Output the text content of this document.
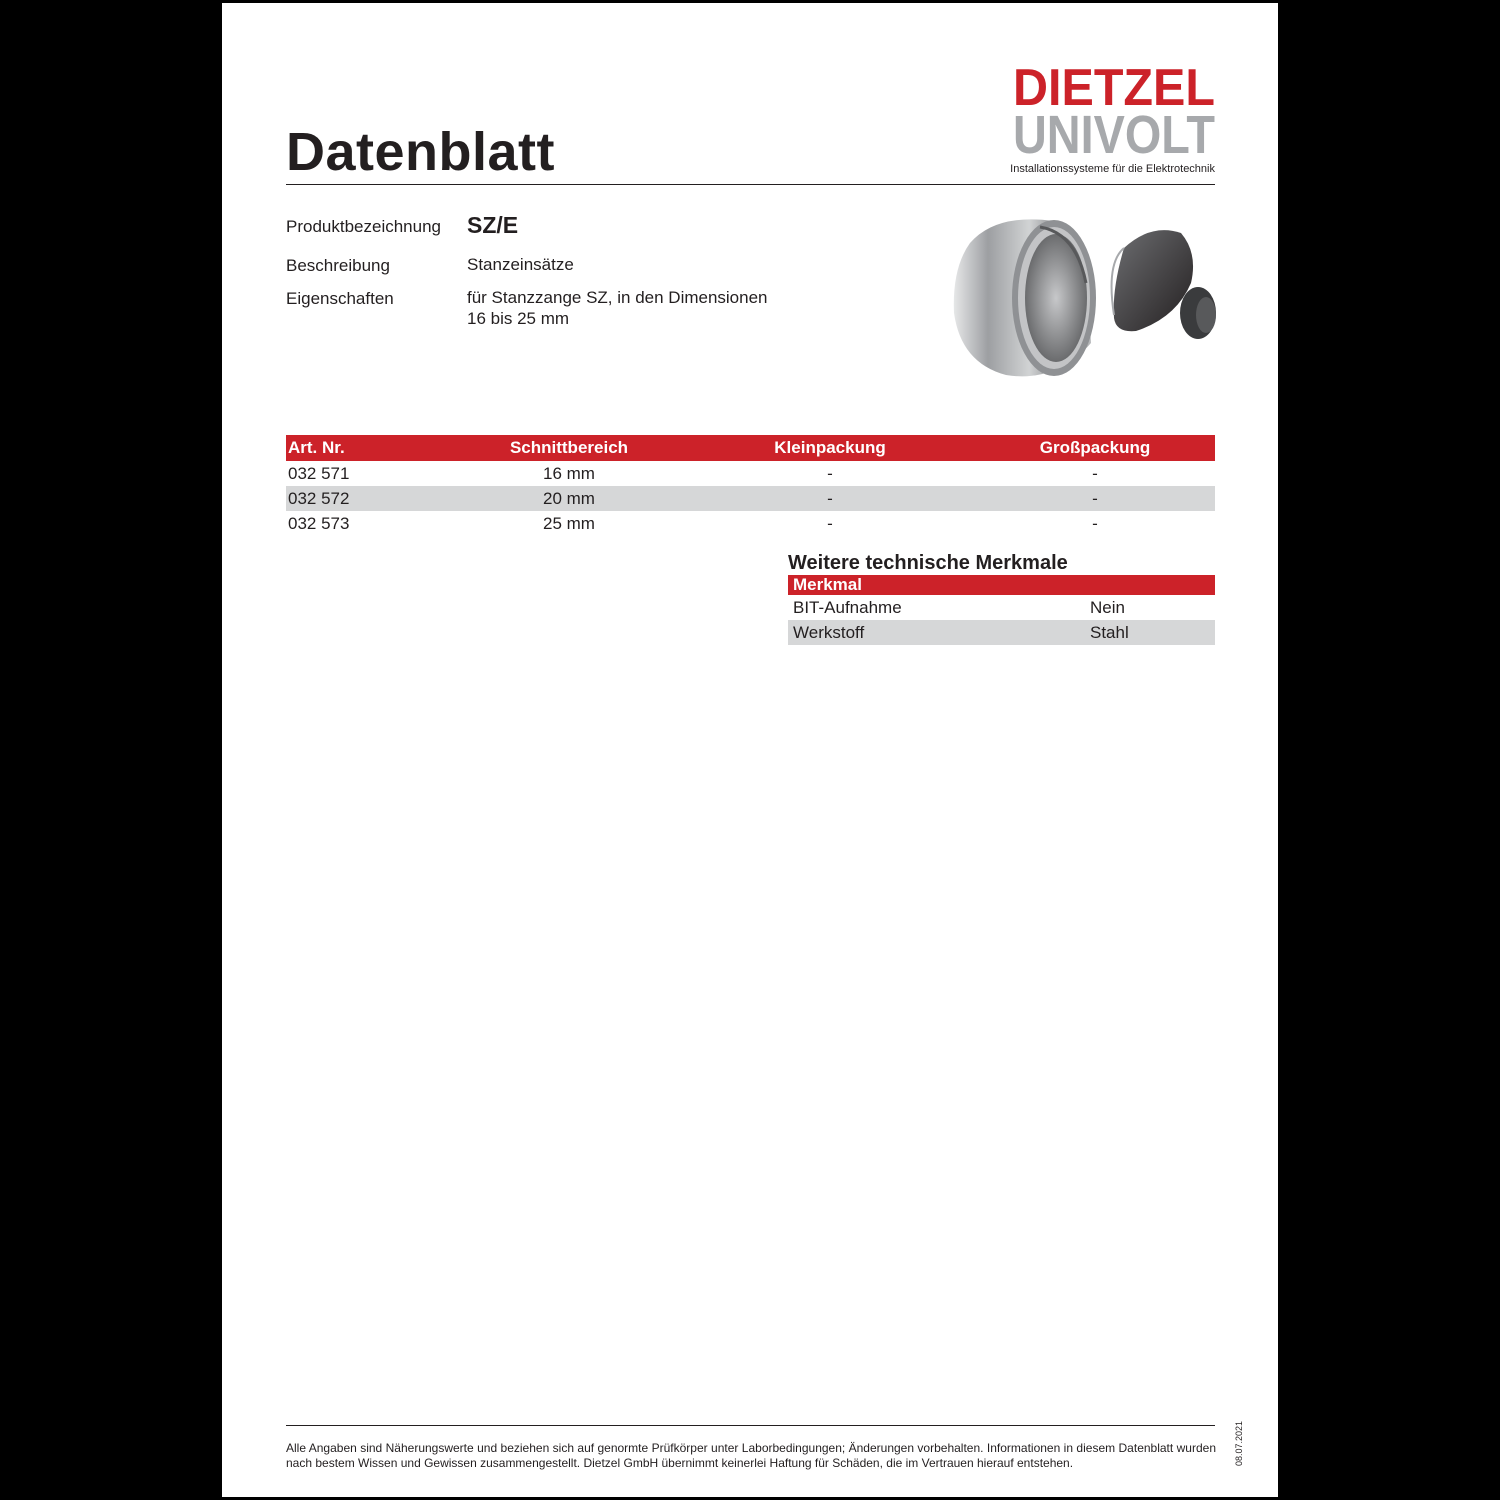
Datenblatt
DIETZEL
UNIVOLT
Installationssysteme für die Elektrotechnik
Produktbezeichnung SZ/E
Beschreibung	Stanzeinsätze
Eigenschaften	für Stanzzange SZ, in den Dimensionen
16 bis 25 mm
Art. Nr.	Schnittbereich	Kleinpackung	Großpackung
032 571	16 mm	-	-
032 572	20 mm	-	-
032 573	25 mm	-	-
Weitere technische Merkmale
Merkmal
BIT-Aufnahme	Nein
Werkstoff	Stahl
Alle Angaben sind Näherungswerte und beziehen sich auf genormte Prüfkörper unter Laborbedingungen; Änderungen vorbehalten. Informationen in diesem Datenblatt wurden nach bestem Wissen und Gewissen zusammengestellt. Dietzel GmbH übernimmt keinerlei Haftung für Schäden, die im Vertrauen hierauf entstehen.	08.07.2021
